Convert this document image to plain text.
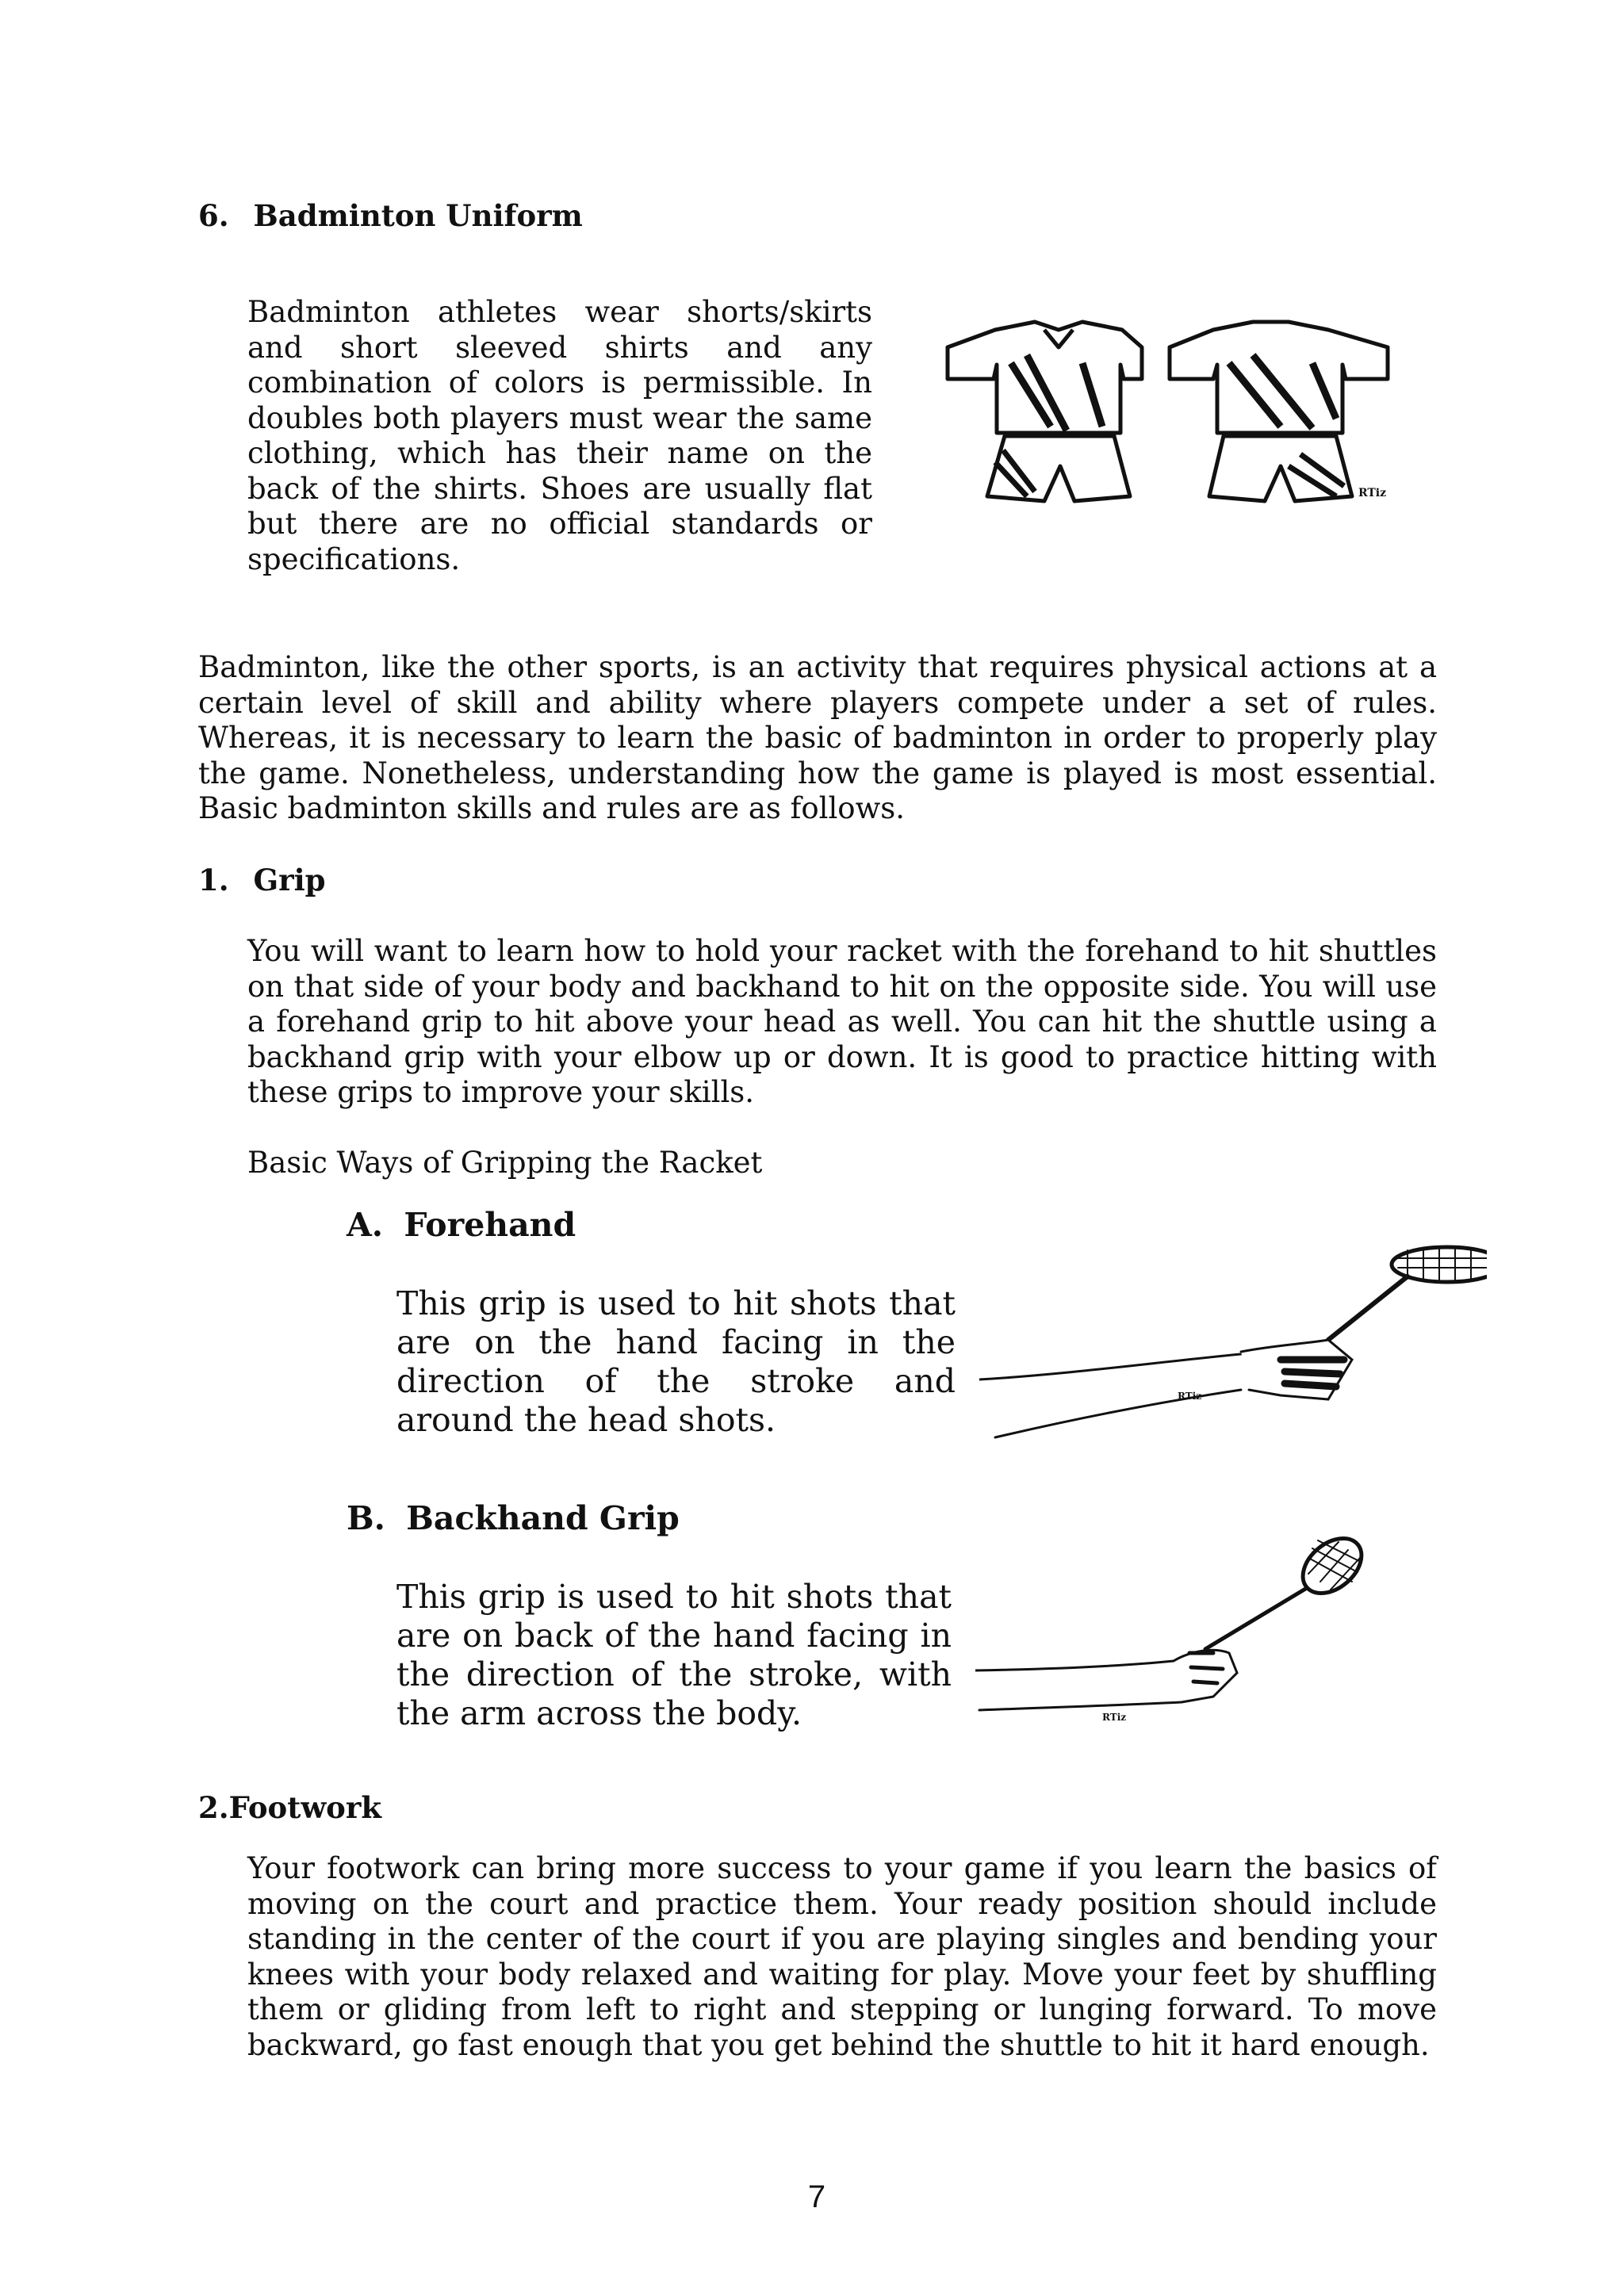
6. Badminton Uniform

Badminton athletes wear shorts/skirts and short sleeved shirts and any combination of colors is permissible. In doubles both players must wear the same clothing, which has their name on the back of the shirts. Shoes are usually flat but there are no official standards or specifications.

RTiz

Badminton, like the other sports, is an activity that requires physical actions at a certain level of skill and ability where players compete under a set of rules. Whereas, it is necessary to learn the basic of badminton in order to properly play the game. Nonetheless, understanding how the game is played is most essential. Basic badminton skills and rules are as follows.

1. Grip

You will want to learn how to hold your racket with the forehand to hit shuttles on that side of your body and backhand to hit on the opposite side. You will use a forehand grip to hit above your head as well. You can hit the shuttle using a backhand grip with your elbow up or down. It is good to practice hitting with these grips to improve your skills.

Basic Ways of Gripping the Racket
A. Forehand

This grip is used to hit shots that are on the hand facing in the direction of the stroke and around the head shots.

RTiz
B. Backhand Grip

This grip is used to hit shots that are on back of the hand facing in the direction of the stroke, with the arm across the body.	RTiz
2.Footwork

Your footwork can bring more success to your game if you learn the basics of moving on the court and practice them. Your ready position should include standing in the center of the court if you are playing singles and bending your knees with your body relaxed and waiting for play. Move your feet by shuffling them or gliding from left to right and stepping or lunging forward. To move backward, go fast enough that you get behind the shuttle to hit it hard enough.

7
